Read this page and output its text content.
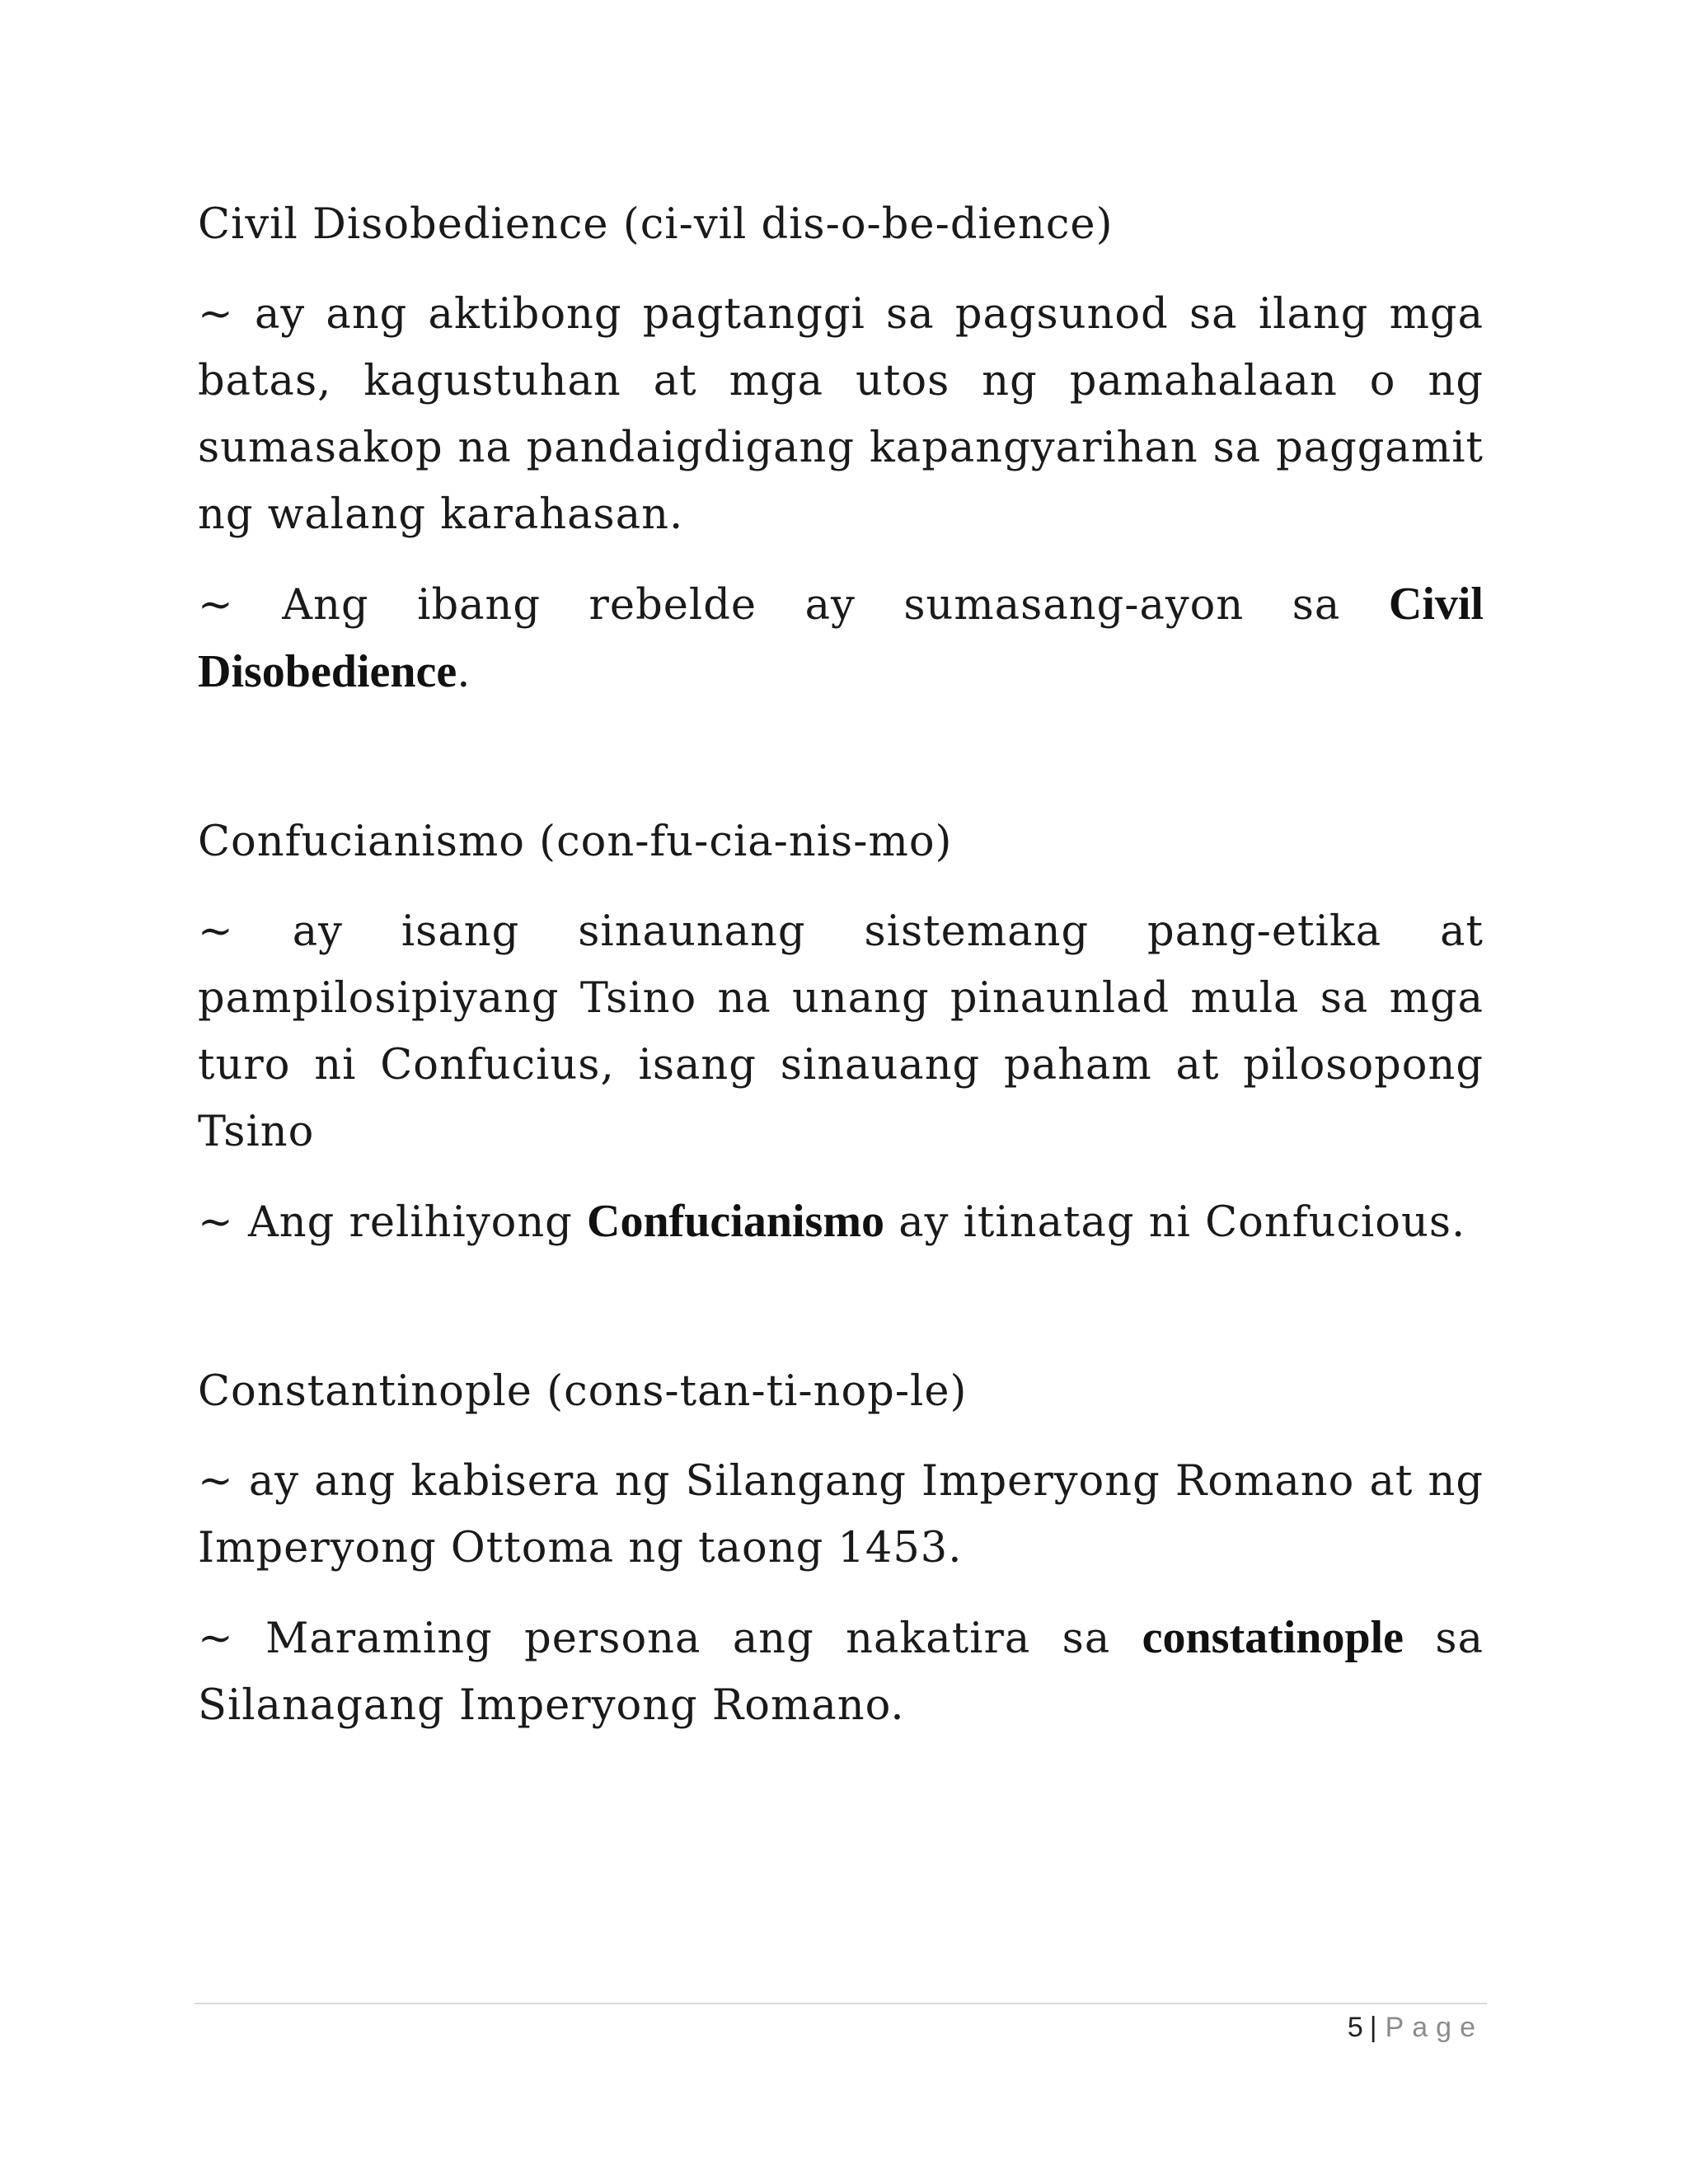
Civil Disobedience (ci-vil dis-o-be-dience)

~ ay ang aktibong pagtanggi sa pagsunod sa ilang mga batas, kagustuhan at mga utos ng pamahalaan o ng sumasakop na pandaigdigang kapangyarihan sa paggamit ng walang karahasan.

~ Ang ibang rebelde ay sumasang-ayon sa Civil Disobedience.

Confucianismo (con-fu-cia-nis-mo)

~ ay isang sinaunang sistemang pang-etika at pampilosipiyang Tsino na unang pinaunlad mula sa mga turo ni Confucius, isang sinauang paham at pilosopong Tsino

~ Ang relihiyong Confucianismo ay itinatag ni Confucious.

Constantinople (cons-tan-ti-nop-le)

~ ay ang kabisera ng Silangang Imperyong Romano at ng Imperyong Ottoma ng taong 1453.

~ Maraming persona ang nakatira sa constatinople sa Silanagang Imperyong Romano.

5 | Page
